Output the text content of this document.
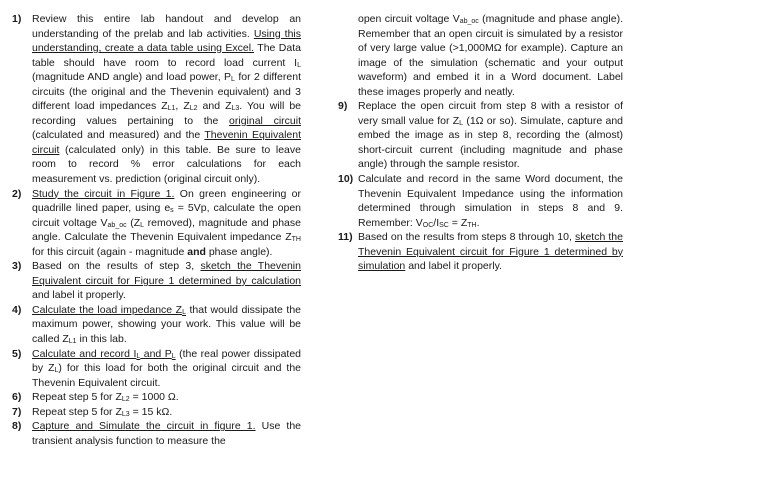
1)	Review this entire lab handout and develop an understanding of the prelab and lab activities. Using this understanding, create a data table using Excel. The Data table should have room to record load current $I_L$ (magnitude AND angle) and load power, $P_L$ for 2 different circuits (the original and the Thevenin equivalent) and 3 different load impedances $Z_{L1}$, $Z_{L2}$ and $Z_{L3}$. You will be recording values pertaining to the original circuit (calculated and measured) and the Thevenin Equivalent circuit (calculated only) in this table. Be sure to leave room to record % error calculations for each measurement vs. prediction (original circuit only).
2)	Study the circuit in Figure 1. On green engineering or quadrille lined paper, using $e_s = 5Vp$, calculate the open circuit voltage $V_{ab\_oc}$ ($Z_L$ removed), magnitude and phase angle. Calculate the Thevenin Equivalent impedance $Z_{TH}$ for this circuit (again - magnitude and phase angle).
3)	Based on the results of step 3, sketch the Thevenin Equivalent circuit for Figure 1 determined by calculation and label it properly.
4)	Calculate the load impedance $Z_L$ that would dissipate the maximum power, showing your work. This value will be called $Z_{L1}$ in this lab.
5)	Calculate and record $I_L$ and $P_L$ (the real power dissipated by $Z_L$) for this load for both the original circuit and the Thevenin Equivalent circuit.
6)	Repeat step 5 for $Z_{L2} = 1000$ Ω.
7)	Repeat step 5 for $Z_{L3} = 15$ kΩ.
8)	Capture and Simulate the circuit in figure 1. Use the transient analysis function to measure the
open circuit voltage $V_{ab\_oc}$ (magnitude and phase angle). Remember that an open circuit is simulated by a resistor of very large value (>1,000MΩ for example). Capture an image of the simulation (schematic and your output waveform) and embed it in a Word document. Label these images properly and neatly.
9)	Replace the open circuit from step 8 with a resistor of very small value for $Z_L$ (1Ω or so). Simulate, capture and embed the image as in step 8, recording the (almost) short-circuit current (including magnitude and phase angle) through the sample resistor.
10) Calculate and record in the same Word document, the Thevenin Equivalent Impedance using the information determined through simulation in steps 8 and 9. Remember: $V_{OC}/I_{SC} = Z_{TH}$.
11) Based on the results from steps 8 through 10, sketch the Thevenin Equivalent circuit for Figure 1 determined by simulation and label it properly.
